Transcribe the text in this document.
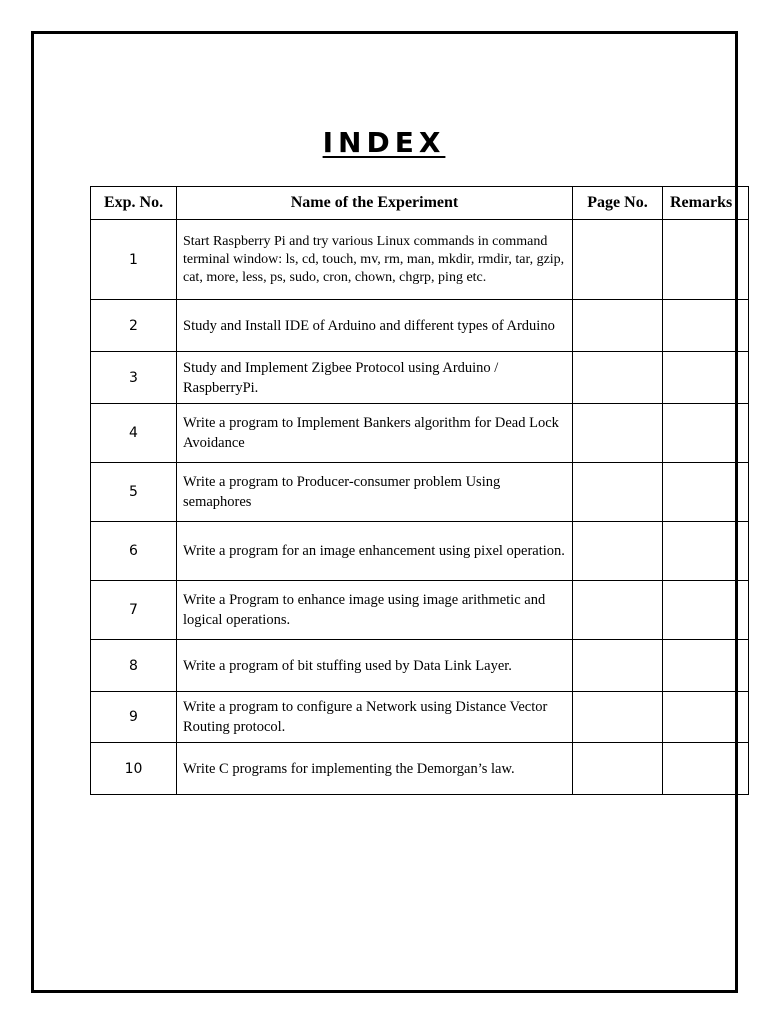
INDEX
Exp. No.	Name of the Experiment	Page No.	Remarks
1	Start Raspberry Pi and try various Linux commands in command terminal window: ls, cd, touch, mv, rm, man, mkdir, rmdir, tar, gzip, cat, more, less, ps, sudo, cron, chown, chgrp, ping etc.		
2	Study and Install IDE of Arduino and different types of Arduino		
3	Study and Implement Zigbee Protocol using Arduino / RaspberryPi.		
4	Write a program to Implement Bankers algorithm for Dead Lock Avoidance		
5	Write a program to Producer-consumer problem Using semaphores		
6	Write a program for an image enhancement using pixel operation.		
7	Write a Program to enhance image using image arithmetic and logical operations.		
8	Write a program of bit stuffing used by Data Link Layer.		
9	Write a program to configure a Network using Distance Vector Routing protocol.		
10	Write C programs for implementing the Demorgan’s law.		
